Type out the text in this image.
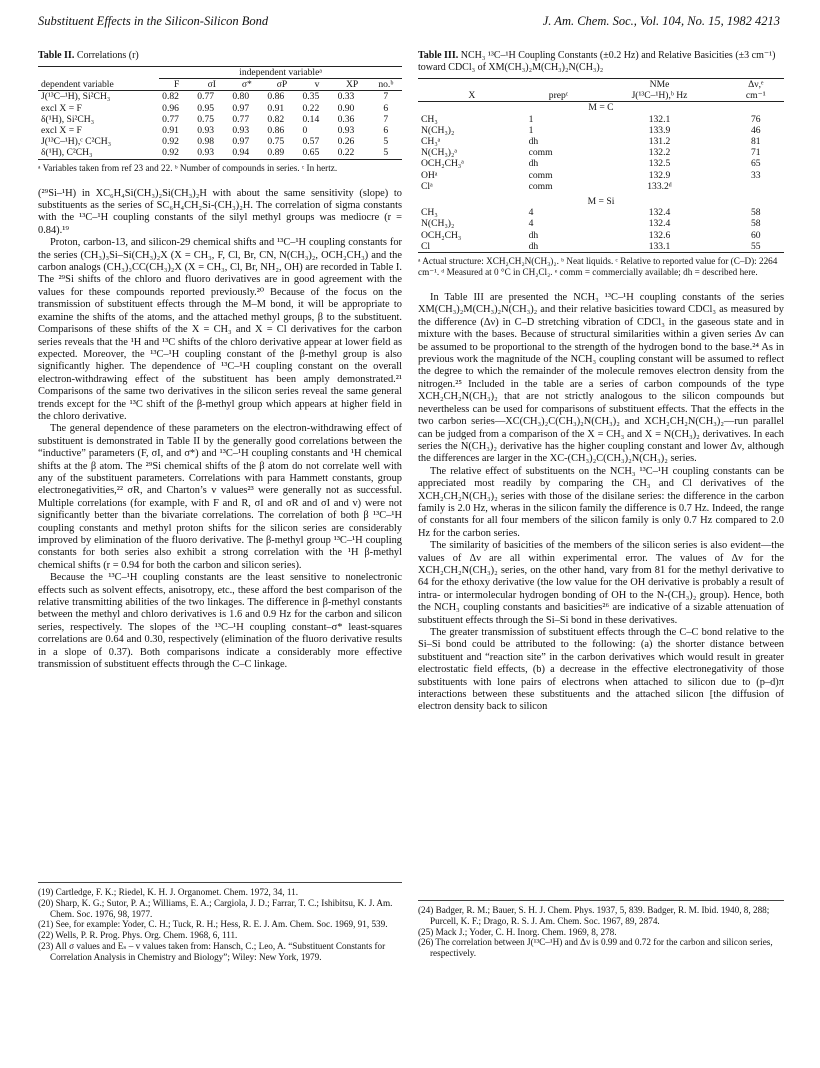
Substituent Effects in the Silicon-Silicon Bond	J. Am. Chem. Soc., Vol. 104, No. 15, 1982 4213
Table II. Correlations (r)
	independent variableᵃ						
dependent variable	F	σI	σ*	σP	v	XP	no.ᵇ
J(¹³C–¹H), Si²CH₃	0.82	0.77	0.80	0.86	0.35	0.33	7
excl X = F	0.96	0.95	0.97	0.91	0.22	0.90	6
δ(¹H), Si²CH₃	0.77	0.75	0.77	0.82	0.14	0.36	7
excl X = F	0.91	0.93	0.93	0.86	0	0.93	6
J(¹³C–¹H),ᶜ C²CH₃	0.92	0.98	0.97	0.75	0.57	0.26	5
δ(¹H), C²CH₃	0.92	0.93	0.94	0.89	0.65	0.22	5
ᵃ Variables taken from ref 23 and 22. ᵇ Number of compounds in series. ᶜ In hertz.

(²⁹Si–¹H) in XC₆H₄Si(CH₃)₂Si(CH₃)₂H with about the same sensitivity (slope) to substituents as the series of SC₆H₄CH₂Si-(CH₃)₂H. The correlation of sigma constants with the ¹³C–¹H coupling constants of the silyl methyl groups was mediocre (r = 0.84).¹⁹

Proton, carbon-13, and silicon-29 chemical shifts and ¹³C–¹H coupling constants for the series (CH₃)₃Si–Si(CH₃)₂X (X = CH₃, F, Cl, Br, CN, N(CH₃)₂, OCH₂CH₃) and the carbon analogs (CH₃)₃CC(CH₃)₂X (X = CH₃, Cl, Br, NH₂, OH) are recorded in Table I. The ²⁹Si shifts of the chloro and fluoro derivatives are in good agreement with the values for these compounds reported previously.²⁰ Because of the focus on the transmission of substituent effects through the M–M bond, it will be appropriate to examine the shifts of the atoms, and the attached methyl groups, β to the substituent. Comparisons of these shifts of the X = CH₃ and X = Cl derivatives for the carbon series reveals that the ¹H and ¹³C shifts of the chloro derivative appear at lower field as expected. Moreover, the ¹³C–¹H coupling constant of the β-methyl group is also significantly higher. The dependence of ¹³C–¹H coupling constant on the overall electron-withdrawing effect of the substituent has been amply demonstrated.²¹ Comparisons of the same two derivatives in the silicon series reveal the same general trends except for the ¹³C shift of the β-methyl group which appears at higher field in the chloro derivative.

The general dependence of these parameters on the electron-withdrawing effect of substituent is demonstrated in Table II by the generally good correlations between the “inductive” parameters (F, σI, and σ*) and ¹³C–¹H coupling constants and ¹H chemical shifts at the β atom. The ²⁹Si chemical shifts of the β atom do not correlate well with any of the substituent parameters. Correlations with para Hammett constants, group electronegativities,²² σR, and Charton’s v values²³ were generally not as successful. Multiple correlations (for example, with F and R, σI and σR and σI and v) were not significantly better than the bivariate correlations. The correlation of both β ¹³C–¹H coupling constants and methyl proton shifts for the silicon series are considerably improved by elimination of the fluoro derivative. The β-methyl group ¹³C–¹H coupling constants for both series also exhibit a strong correlation with the ¹H β-methyl chemical shifts (r = 0.94 for both the carbon and silicon series).

Because the ¹³C–¹H coupling constants are the least sensitive to nonelectronic effects such as solvent effects, anisotropy, etc., these afford the best comparison of the relative transmitting abilities of the two linkages. The difference in β-methyl constants between the methyl and chloro derivatives is 1.6 and 0.9 Hz for the carbon and silicon series, respectively. The slopes of the ¹³C–¹H coupling constant–σ* least-squares correlations are 0.64 and 0.30, respectively (elimination of the fluoro derivative results in a slope of 0.37). Both comparisons indicate a considerably more effective transmission of substituent effects through the C–C linkage.

(19) Cartledge, F. K.; Riedel, K. H. J. Organomet. Chem. 1972, 34, 11.
(20) Sharp, K. G.; Sutor, P. A.; Williams, E. A.; Cargiola, J. D.; Farrar, T. C.; Ishibitsu, K. J. Am. Chem. Soc. 1976, 98, 1977.
(21) See, for example: Yoder, C. H.; Tuck, R. H.; Hess, R. E. J. Am. Chem. Soc. 1969, 91, 539.
(22) Wells, P. R. Prog. Phys. Org. Chem. 1968, 6, 111.
(23) All σ values and Eₛ – v values taken from: Hansch, C.; Leo, A. “Substituent Constants for Correlation Analysis in Chemistry and Biology”; Wiley: New York, 1979.
Table III. NCH₃ ¹³C–¹H Coupling Constants (±0.2 Hz) and Relative Basicities (±3 cm⁻¹) toward CDCl₃ of XM(CH₃)₂M(CH₃)₂N(CH₃)₂
		NMe	Δν,ᵉ
X	prepᶜ	J(¹³C–¹H),ᵇ Hz	cm⁻¹
M = C			
CH₃	1	132.1	76
N(CH₃)₂	1	133.9	46
CH₃ᵃ	dh	131.2	81
N(CH₃)₂ᵃ	comm	132.2	71
OCH₂CH₃ᵃ	dh	132.5	65
OHᵃ	comm	132.9	33
Clᵃ	comm	133.2ᵈ	
M = Si			
CH₃	4	132.4	58
N(CH₃)₂	4	132.4	58
OCH₂CH₃	dh	132.6	60
Cl	dh	133.1	55
ᵃ Actual structure: XCH₂CH₂N(CH₃)₂. ᵇ Neat liquids. ᶜ Relative to reported value for (C–D): 2264 cm⁻¹. ᵈ Measured at 0 °C in CH₂Cl₂. ᵉ comm = commercially available; dh = described here.

In Table III are presented the NCH₃ ¹³C–¹H coupling constants of the series XM(CH₃)₂M(CH₃)₂N(CH₃)₂ and their relative basicities toward CDCl₃ as measured by the difference (Δν) in C–D stretching vibration of CDCl₃ in the gaseous state and in mixture with the bases. Because of structural similarities within a given series Δν can be assumed to be proportional to the strength of the hydrogen bond to the base.²⁴ As in previous work the magnitude of the NCH₃ coupling constant will be assumed to reflect the degree to which the remainder of the molecule removes electron density from the nitrogen.²⁵ Included in the table are a series of carbon compounds of the type XCH₂CH₂N(CH₃)₂ that are not strictly analogous to the silicon compounds but nevertheless can be used for comparisons of substituent effects. That the effects in the two carbon series—XC(CH₃)₂C(CH₃)₂N(CH₃)₂ and XCH₂CH₂N(CH₃)₂—run parallel can be judged from a comparison of the X = CH₃ and X = N(CH₃)₂ derivatives. In each series the N(CH₃)₂ derivative has the higher coupling constant and lower Δν, although the differences are larger in the XC-(CH₃)₂C(CH₃)₂N(CH₃)₂ series.

The relative effect of substituents on the NCH₃ ¹³C–¹H coupling constants can be appreciated most readily by comparing the CH₃ and Cl derivatives of the XCH₂CH₂N(CH₃)₂ series with those of the disilane series: the difference in the carbon family is 2.0 Hz, wheras in the silicon family the difference is 0.7 Hz. Indeed, the range of constants for all four members of the silicon family is only 0.7 Hz compared to 2.0 Hz for the carbon series.

The similarity of basicities of the members of the silicon series is also evident—the values of Δν are all within experimental error. The values of Δν for the XCH₂CH₂N(CH₃)₂ series, on the other hand, vary from 81 for the methyl derivative to 64 for the ethoxy derivative (the low value for the OH derivative is probably a result of intra- or intermolecular hydrogen bonding of OH to the N-(CH₃)₂ group). Hence, both the NCH₃ coupling constants and basicities²⁶ are indicative of a sizable attenuation of substituent effects through the Si–Si bond in these derivatives.

The greater transmission of substituent effects through the C–C bond relative to the Si–Si bond could be attributed to the following: (a) the shorter distance between substituent and “reaction site” in the carbon derivatives which would result in greater electrostatic field effects, (b) a decrease in the effective electronegativity of those substituents with lone pairs of electrons when attached to silicon due to (p–d)π interactions between these substituents and the attached silicon [the diffusion of electron density back to silicon

(24) Badger, R. M.; Bauer, S. H. J. Chem. Phys. 1937, 5, 839. Badger, R. M. Ibid. 1940, 8, 288; Purcell, K. F.; Drago, R. S. J. Am. Chem. Soc. 1967, 89, 2874.
(25) Mack J.; Yoder, C. H. Inorg. Chem. 1969, 8, 278.
(26) The correlation between J(¹³C–¹H) and Δν is 0.99 and 0.72 for the carbon and silicon series, respectively.
